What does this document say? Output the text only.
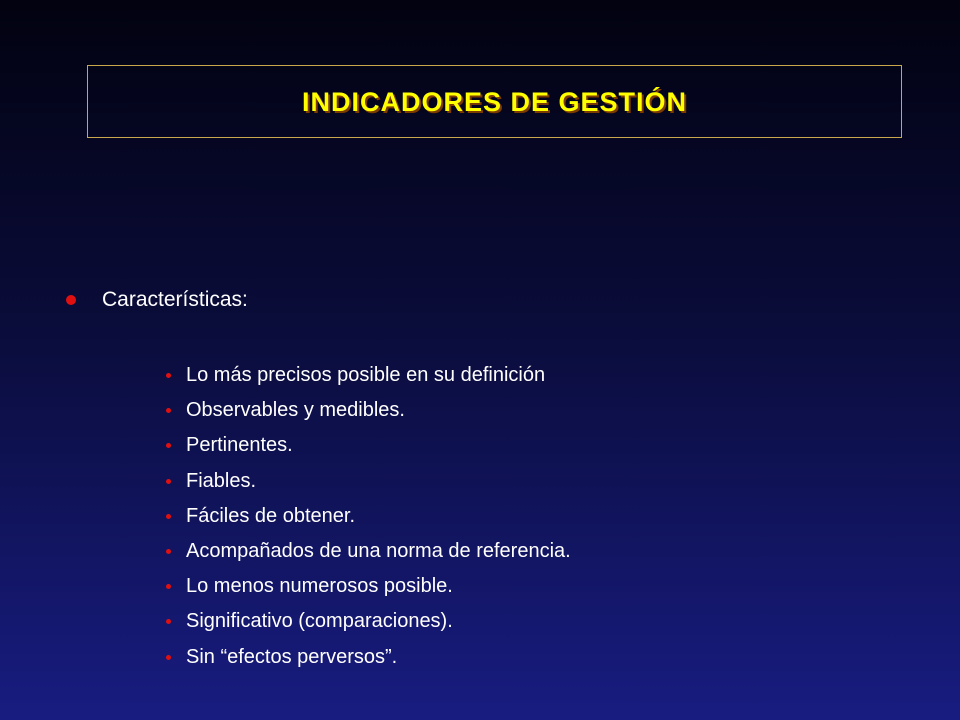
INDICADORES DE GESTIÓN
Características:
Lo más precisos posible en su definición
Observables y medibles.
Pertinentes.
Fiables.
Fáciles de obtener.
Acompañados de una norma de referencia.
Lo menos numerosos posible.
Significativo (comparaciones).
Sin “efectos perversos”.
